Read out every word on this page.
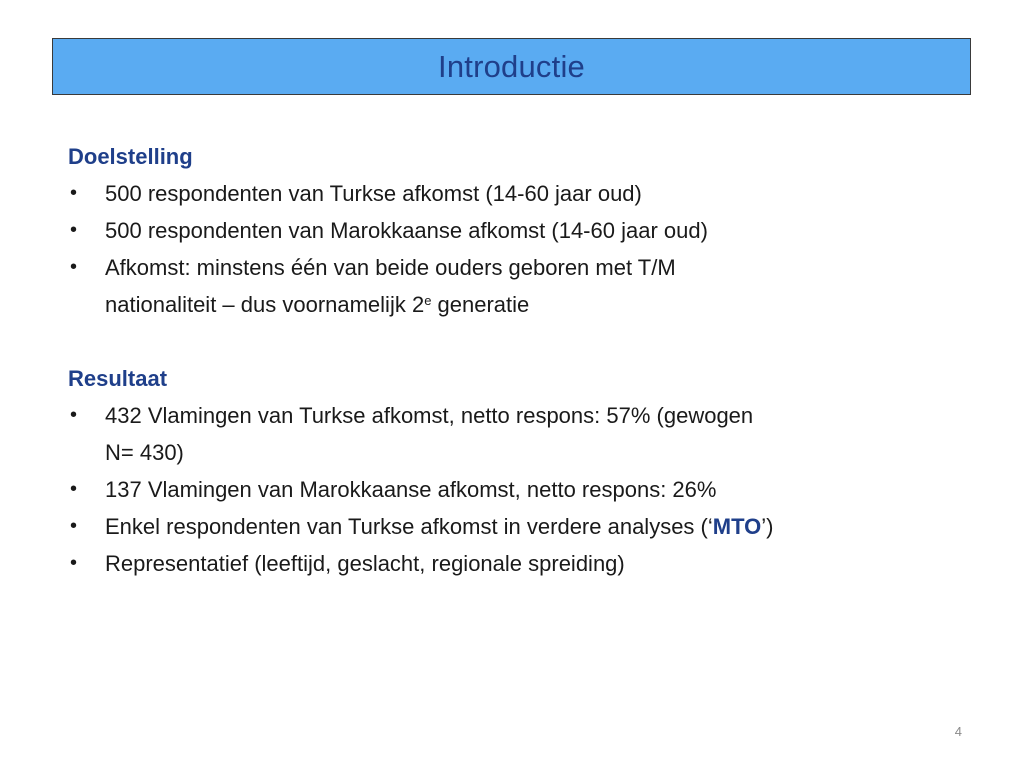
Introductie
Doelstelling
• 500 respondenten van Turkse afkomst (14-60 jaar oud)
• 500 respondenten van Marokkaanse afkomst (14-60 jaar oud)
• Afkomst: minstens één van beide ouders geboren met T/M
nationaliteit – dus voornamelijk 2e generatie
Resultaat
• 432 Vlamingen van Turkse afkomst, netto respons: 57% (gewogen
N= 430)
• 137 Vlamingen van Marokkaanse afkomst, netto respons: 26%
• Enkel respondenten van Turkse afkomst in verdere analyses (‘MTO’)
• Representatief (leeftijd, geslacht, regionale spreiding)
4
